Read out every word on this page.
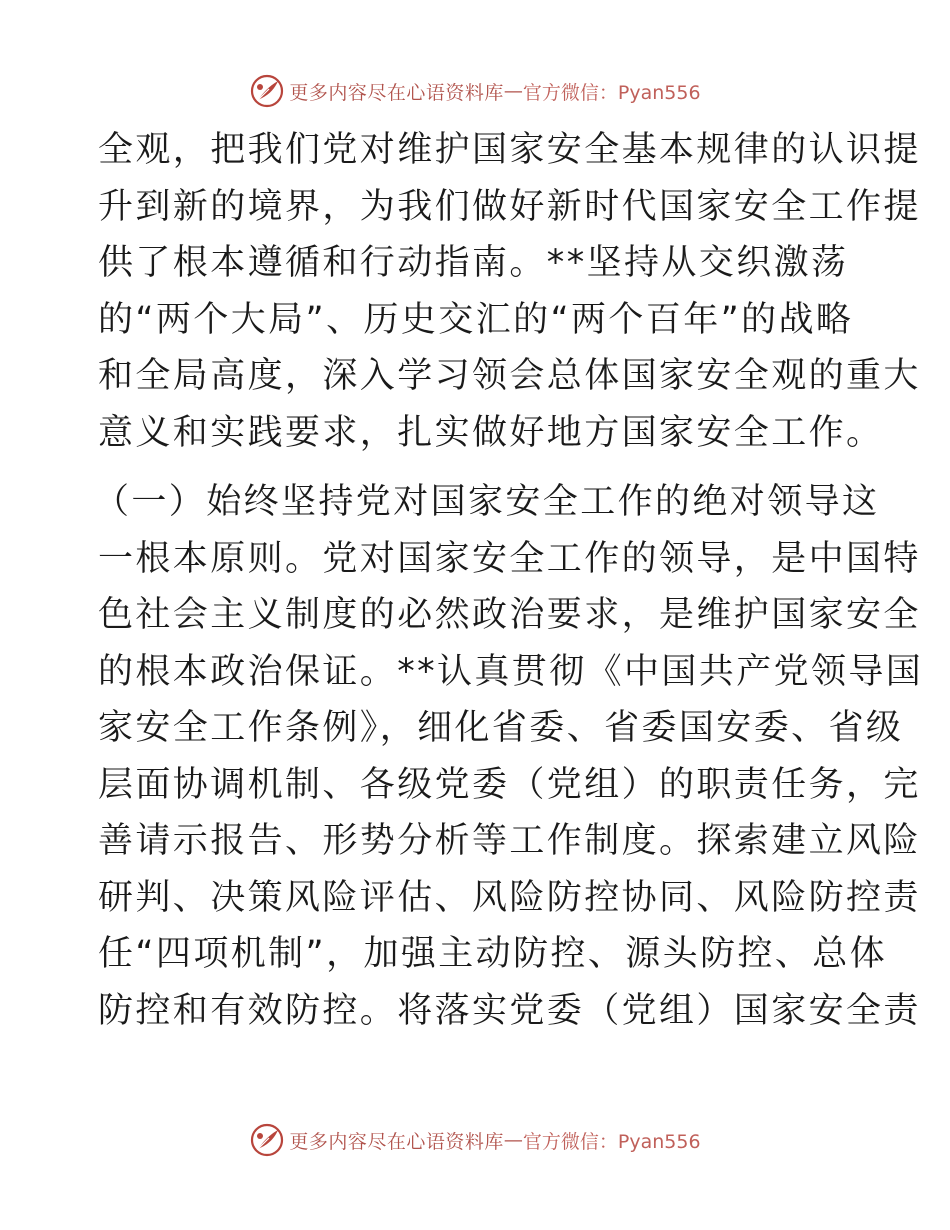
更多内容尽在心语资料库 — 官方微信：Pyan556
全观，把我们党对维护国家安全基本规律的认识提
升到新的境界，为我们做好新时代国家安全工作提
供了根本遵循和行动指南。**坚持从交织激荡
的“两个大局”、历史交汇的“两个百年”的战略
和全局高度，深入学习领会总体国家安全观的重大
意义和实践要求，扎实做好地方国家安全工作。
（一）始终坚持党对国家安全工作的绝对领导这
一根本原则。党对国家安全工作的领导，是中国特
色社会主义制度的必然政治要求，是维护国家安全
的根本政治保证。**认真贯彻《中国共产党领导国
家安全工作条例》，细化省委、省委国安委、省级
层面协调机制、各级党委（党组）的职责任务，完
善请示报告、形势分析等工作制度。探索建立风险
研判、决策风险评估、风险防控协同、风险防控责
任“四项机制”，加强主动防控、源头防控、总体
防控和有效防控。将落实党委（党组）国家安全责
更多内容尽在心语资料库 — 官方微信：Pyan556
